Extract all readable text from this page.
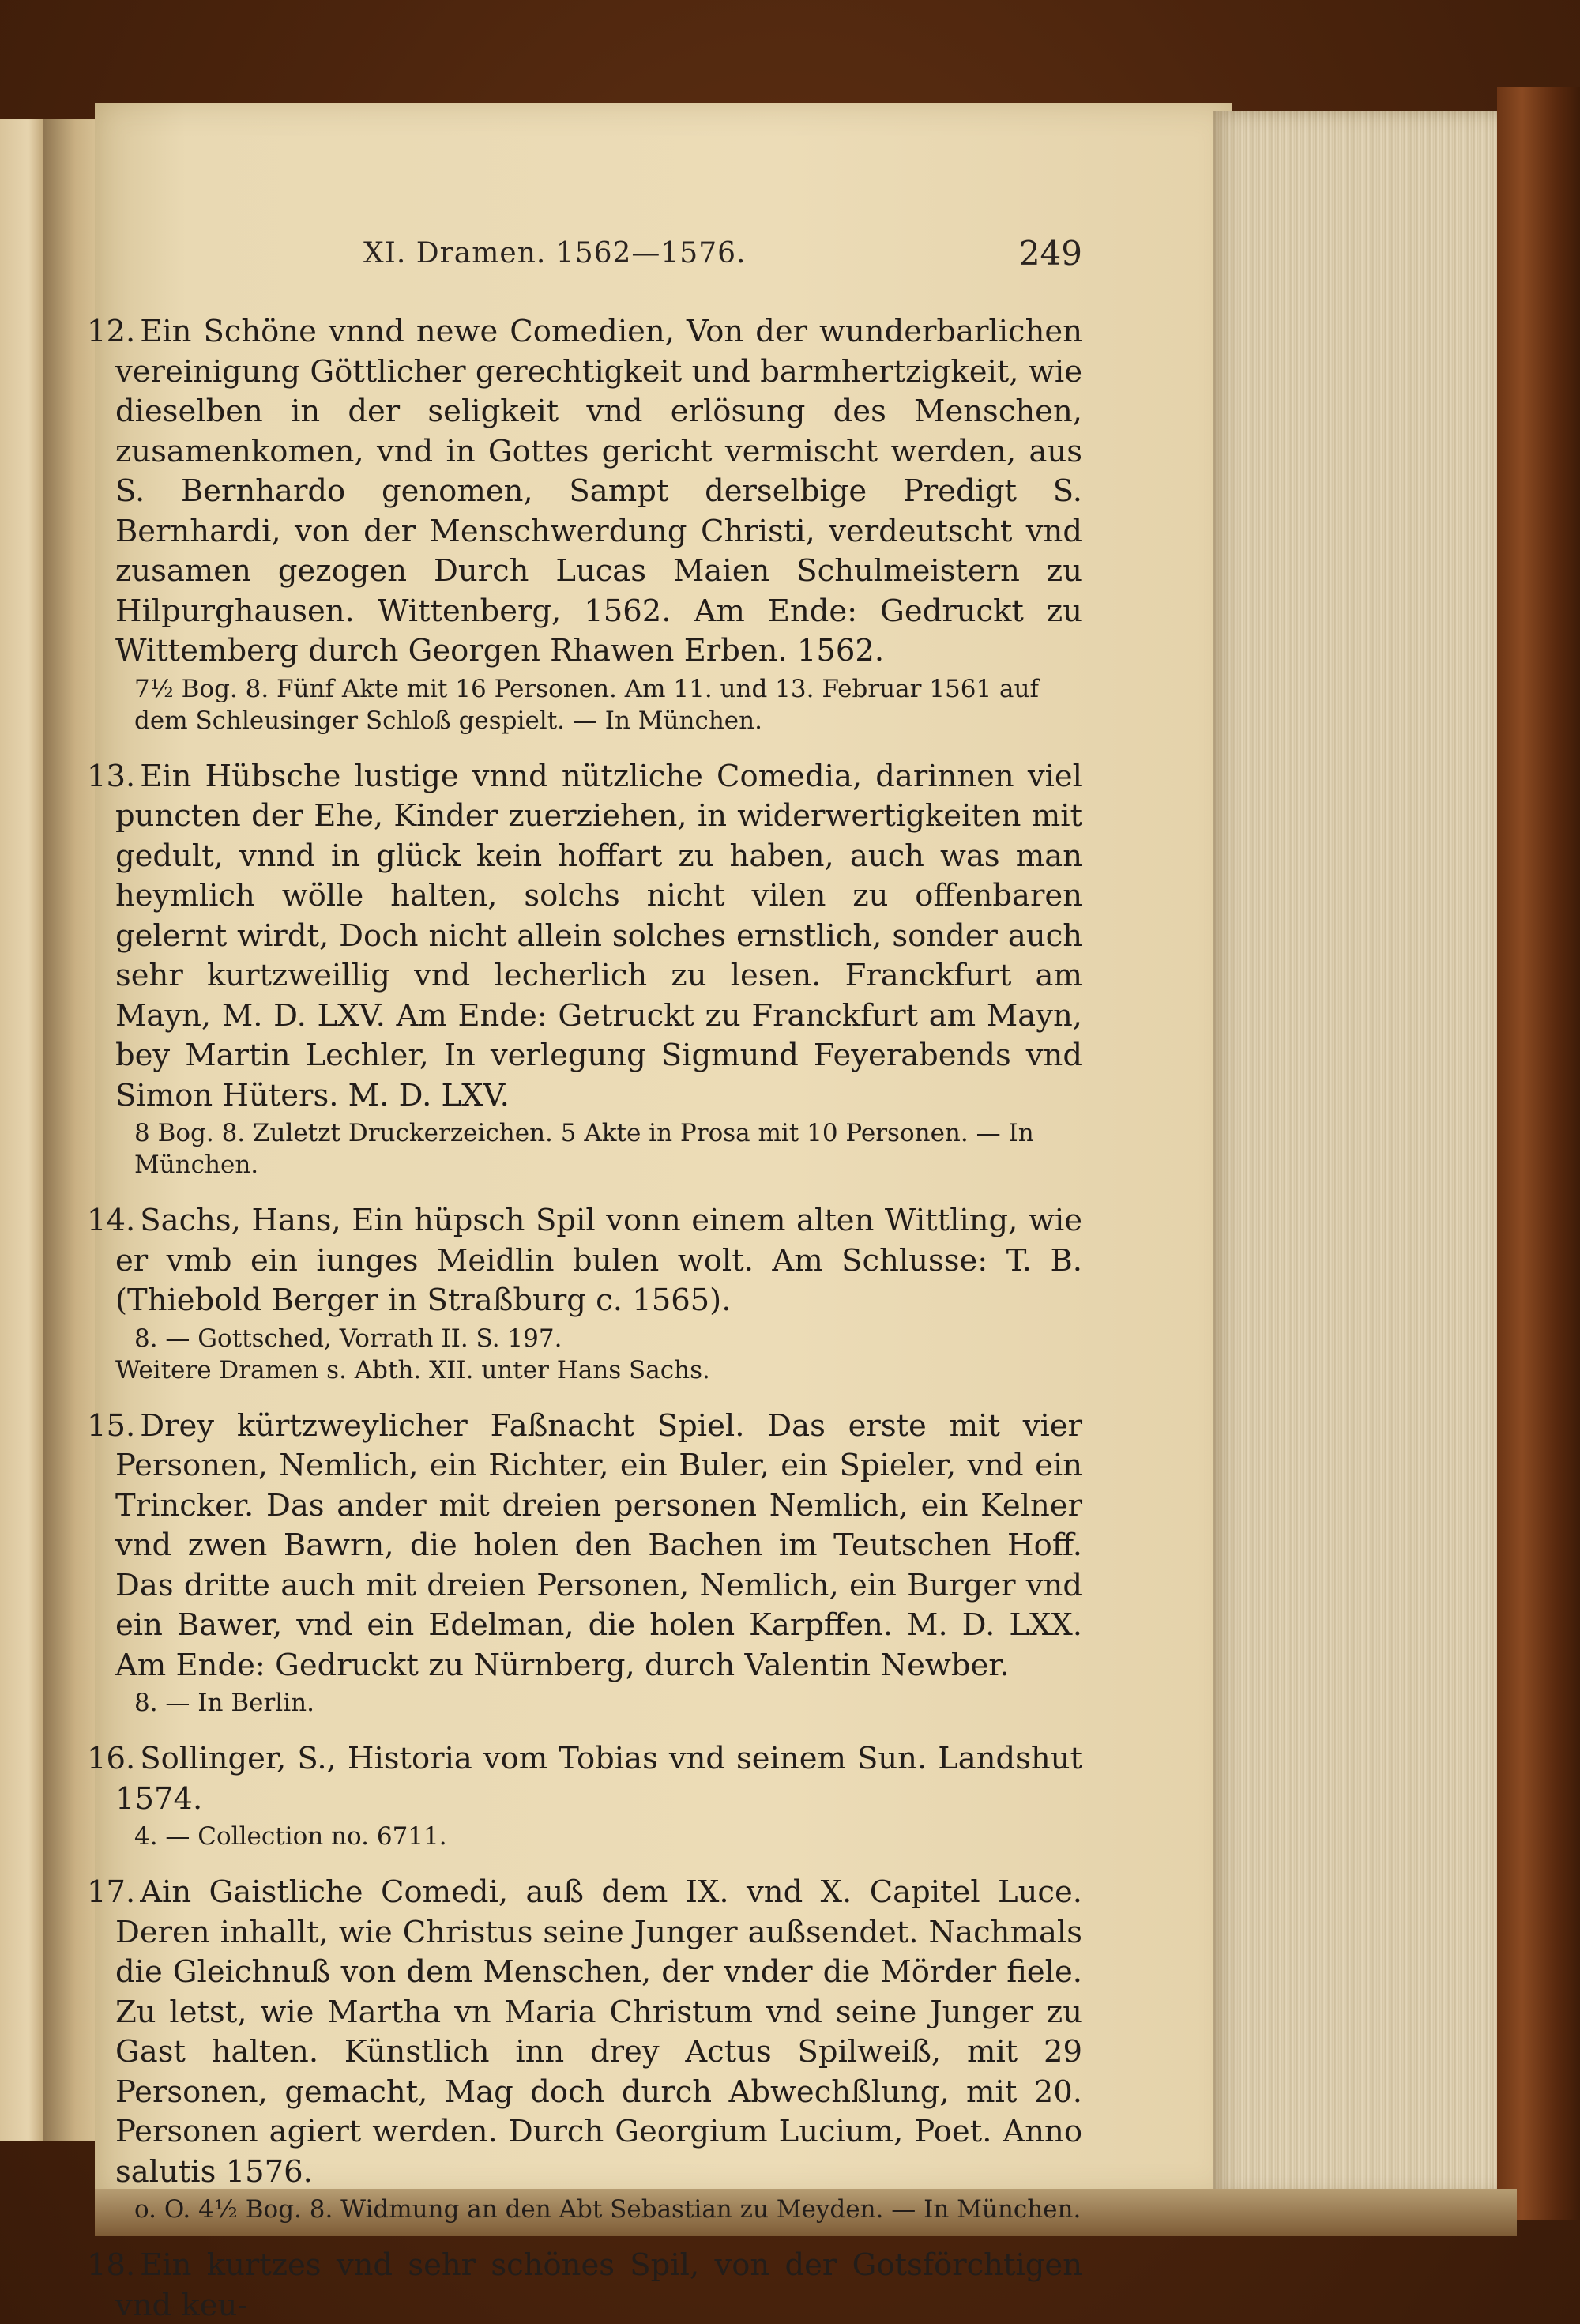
XI. Dramen. 1562—1576.	249
12. Ein Schöne vnnd newe Comedien, Von der wunderbarlichen vereinigung Göttlicher gerechtigkeit und barmhertzigkeit, wie dieselben in der seligkeit vnd erlösung des Menschen, zusamenkomen, vnd in Gottes gericht vermischt werden, aus S. Bernhardo genomen, Sampt derselbige Predigt S. Bernhardi, von der Menschwerdung Christi, verdeutscht vnd zusamen gezogen Durch Lucas Maien Schulmeistern zu Hilpurghausen. Wittenberg, 1562. Am Ende: Gedruckt zu Wittemberg durch Georgen Rhawen Erben. 1562.
7½ Bog. 8. Fünf Akte mit 16 Personen. Am 11. und 13. Februar 1561 auf dem Schleusinger Schloß gespielt. — In München.
13. Ein Hübsche lustige vnnd nützliche Comedia, darinnen viel puncten der Ehe, Kinder zuerziehen, in widerwertigkeiten mit gedult, vnnd in glück kein hoffart zu haben, auch was man heymlich wölle halten, solchs nicht vilen zu offenbaren gelernt wirdt, Doch nicht allein solches ernstlich, sonder auch sehr kurtzweillig vnd lecherlich zu lesen. Franckfurt am Mayn, M. D. LXV. Am Ende: Getruckt zu Franckfurt am Mayn, bey Martin Lechler, In verlegung Sigmund Feyerabends vnd Simon Hüters. M. D. LXV.
8 Bog. 8. Zuletzt Druckerzeichen. 5 Akte in Prosa mit 10 Personen. — In München.
14. Sachs, Hans, Ein hüpsch Spil vonn einem alten Wittling, wie er vmb ein iunges Meidlin bulen wolt. Am Schlusse: T. B. (Thiebold Berger in Straßburg c. 1565).
8. — Gottsched, Vorrath II. S. 197.
Weitere Dramen s. Abth. XII. unter Hans Sachs.
15. Drey kürtzweylicher Faßnacht Spiel. Das erste mit vier Personen, Nemlich, ein Richter, ein Buler, ein Spieler, vnd ein Trincker. Das ander mit dreien personen Nemlich, ein Kelner vnd zwen Bawrn, die holen den Bachen im Teutschen Hoff. Das dritte auch mit dreien Personen, Nemlich, ein Burger vnd ein Bawer, vnd ein Edelman, die holen Karpffen. M. D. LXX. Am Ende: Gedruckt zu Nürnberg, durch Valentin Newber.
8. — In Berlin.
16. Sollinger, S., Historia vom Tobias vnd seinem Sun. Landshut 1574.
4. — Collection no. 6711.
17. Ain Gaistliche Comedi, auß dem IX. vnd X. Capitel Luce. Deren inhallt, wie Christus seine Junger außsendet. Nachmals die Gleichnuß von dem Menschen, der vnder die Mörder fiele. Zu letst, wie Martha vn Maria Christum vnd seine Junger zu Gast halten. Künstlich inn drey Actus Spilweiß, mit 29 Personen, gemacht, Mag doch durch Abwechßlung, mit 20. Personen agiert werden. Durch Georgium Lucium, Poet. Anno salutis 1576.
o. O. 4½ Bog. 8. Widmung an den Abt Sebastian zu Meyden. — In München.
18. Ein kurtzes vnd sehr schönes Spil, von der Gotsförchtigen vnd keu-
